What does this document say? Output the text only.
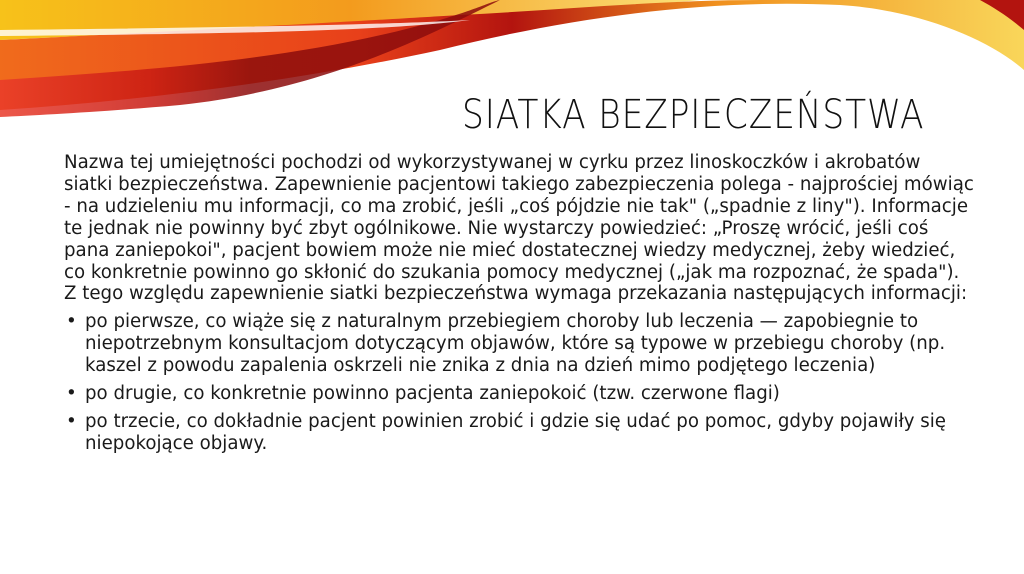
SIATKA BEZPIECZEŃSTWA

Nazwa tej umiejętności pochodzi od wykorzystywanej w cyrku przez linoskoczków i akrobatów siatki bezpieczeństwa. Zapewnienie pacjentowi takiego zabezpieczenia polega - najprościej mówiąc - na udzieleniu mu informacji, co ma zrobić, jeśli „coś pójdzie nie tak" („spadnie z liny"). Informacje te jednak nie powinny być zbyt ogólnikowe. Nie wystarczy powiedzieć: „Proszę wrócić, jeśli coś pana zaniepokoi", pacjent bowiem może nie mieć dostatecznej wiedzy medycznej, żeby wiedzieć, co konkretnie powinno go skłonić do szukania pomocy medycznej („jak ma rozpoznać, że spada"). Z tego względu zapewnienie siatki bezpieczeństwa wymaga przekazania następujących informacji:

• po pierwsze, co wiąże się z naturalnym przebiegiem choroby lub leczenia — zapobiegnie to niepotrzebnym konsultacjom dotyczącym objawów, które są typowe w przebiegu choroby (np. kaszel z powodu zapalenia oskrzeli nie znika z dnia na dzień mimo podjętego leczenia)
• po drugie, co konkretnie powinno pacjenta zaniepokoić (tzw. czerwone flagi)
• po trzecie, co dokładnie pacjent powinien zrobić i gdzie się udać po pomoc, gdyby pojawiły się niepokojące objawy.
